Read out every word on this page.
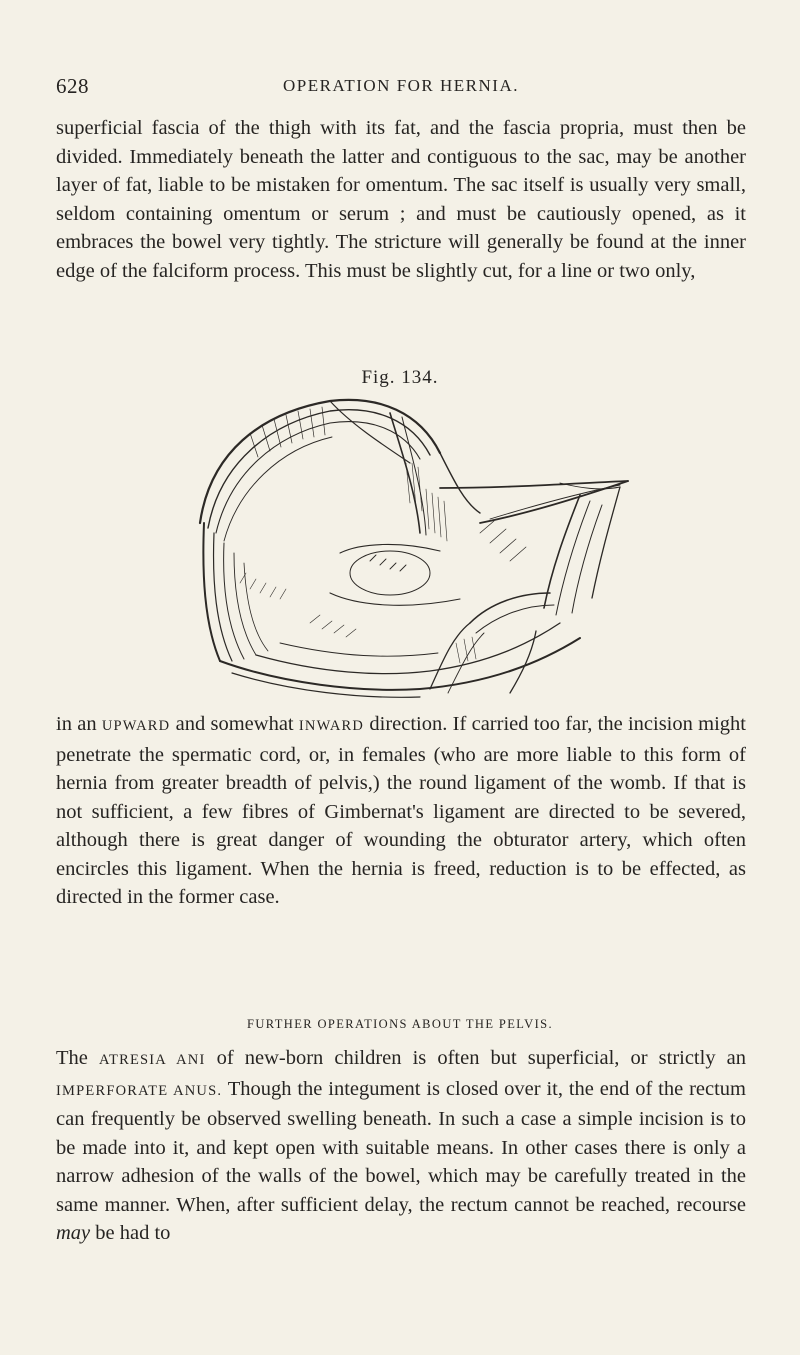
628	OPERATION FOR HERNIA.

superficial fascia of the thigh with its fat, and the fascia propria, must then be divided. Immediately beneath the latter and contiguous to the sac, may be another layer of fat, liable to be mistaken for omentum. The sac itself is usually very small, seldom containing omentum or serum ; and must be cautiously opened, as it embraces the bowel very tightly. The stricture will generally be found at the inner edge of the falciform process. This must be slightly cut, for a line or two only,

Fig. 134.

in an UPWARD and somewhat INWARD direction. If carried too far, the incision might penetrate the spermatic cord, or, in females (who are more liable to this form of hernia from greater breadth of pelvis,) the round ligament of the womb. If that is not sufficient, a few fibres of Gimbernat's ligament are directed to be severed, although there is great danger of wounding the obturator artery, which often encircles this ligament. When the hernia is freed, reduction is to be effected, as directed in the former case.

FURTHER OPERATIONS ABOUT THE PELVIS.

The ATRESIA ANI of new-born children is often but superficial, or strictly an IMPERFORATE ANUS. Though the integument is closed over it, the end of the rectum can frequently be observed swelling beneath. In such a case a simple incision is to be made into it, and kept open with suitable means. In other cases there is only a narrow adhesion of the walls of the bowel, which may be carefully treated in the same manner. When, after sufficient delay, the rectum cannot be reached, recourse may be had to
